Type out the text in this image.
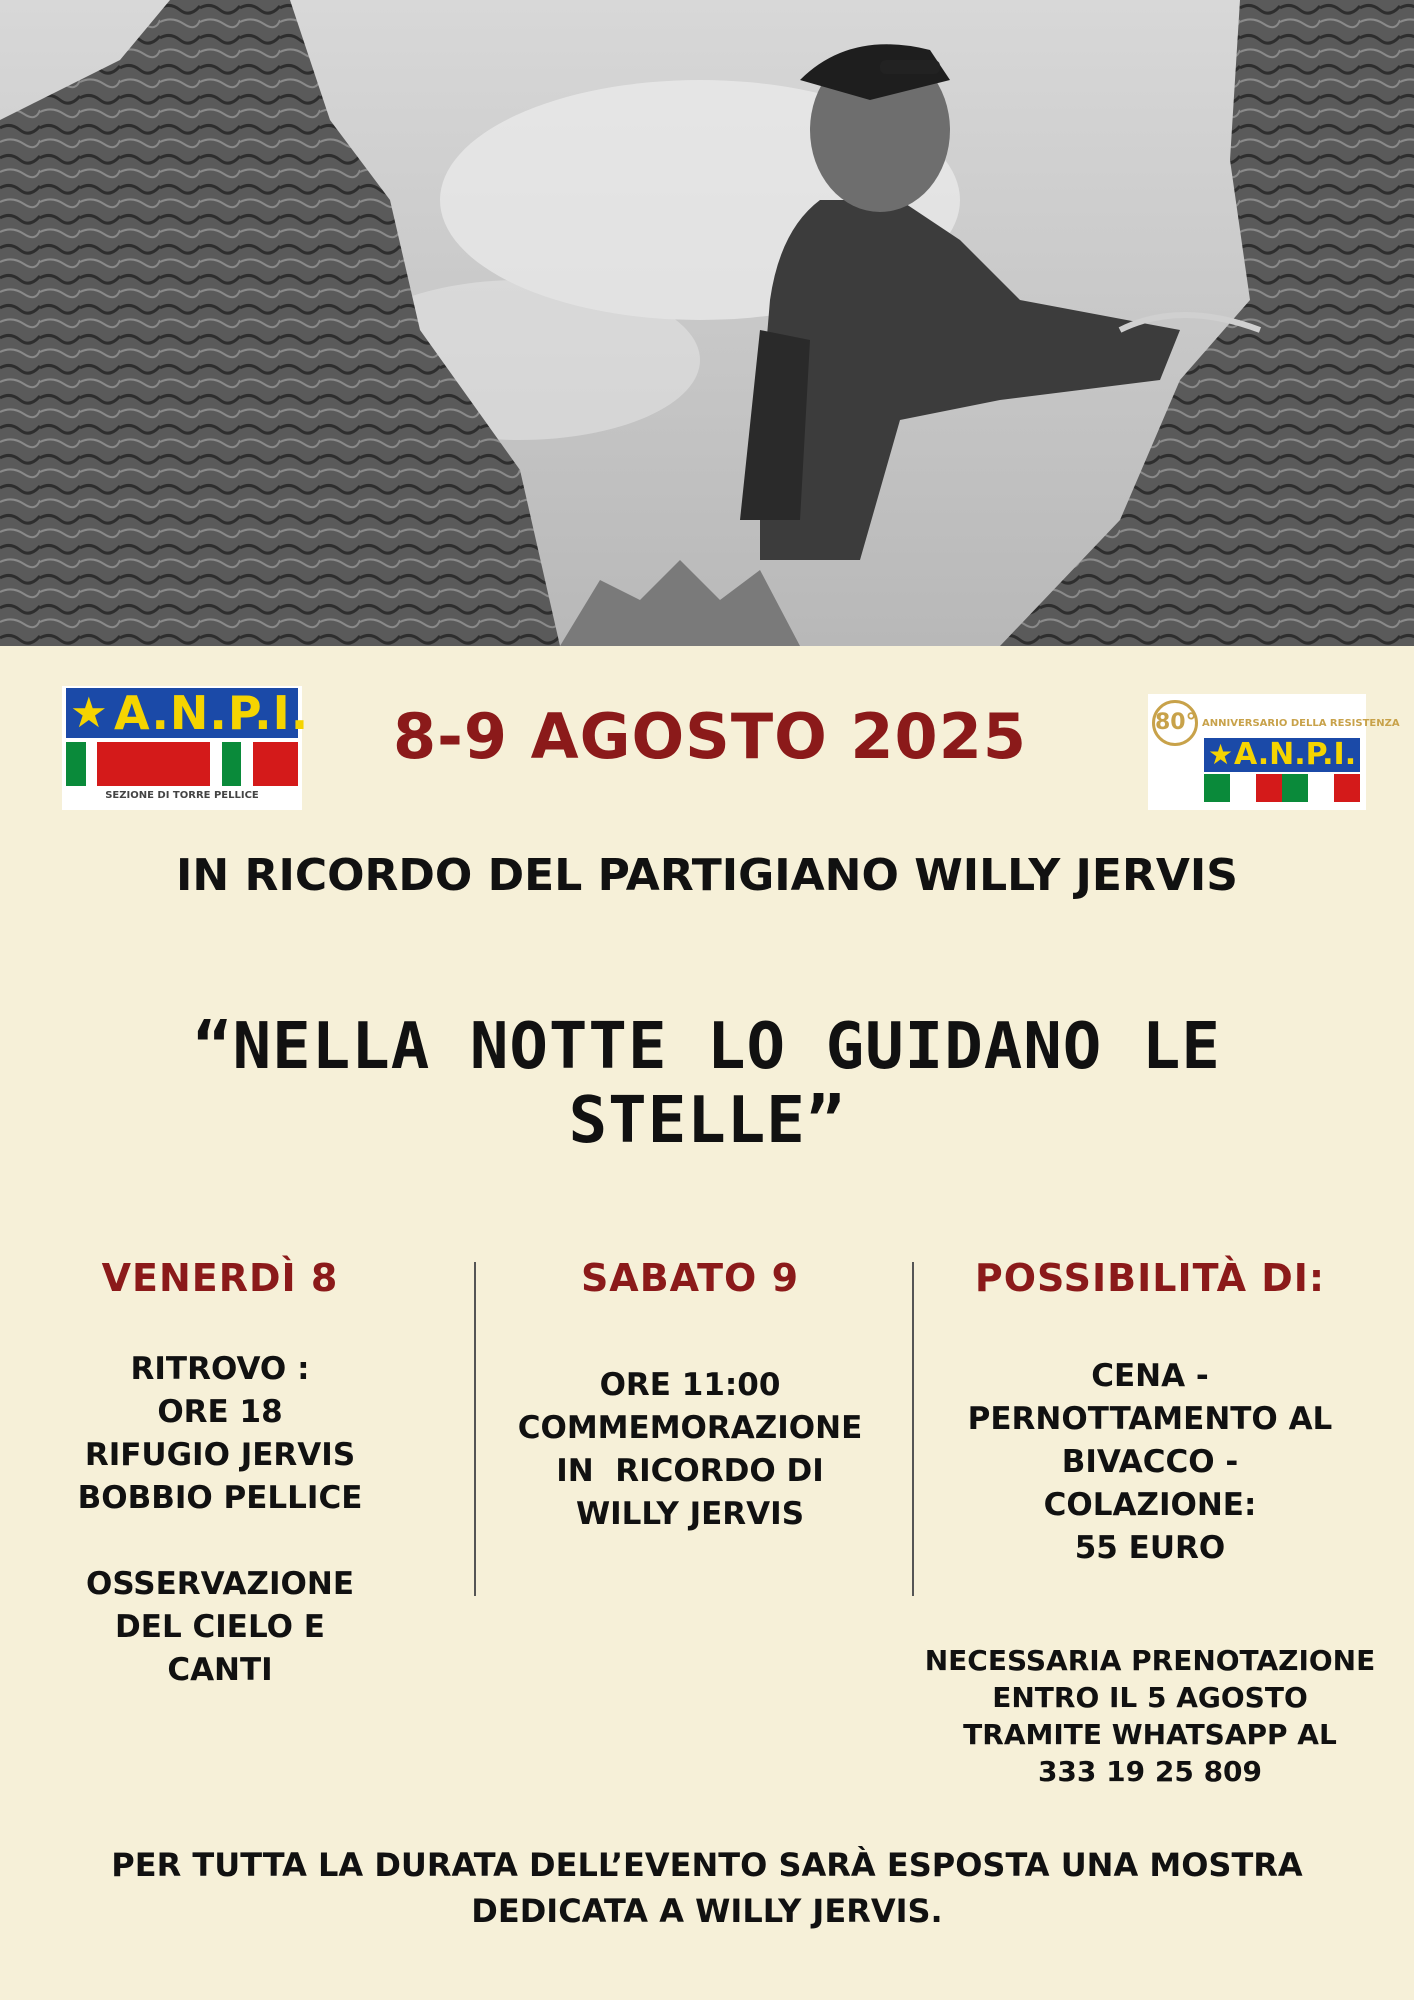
★ A.N.P.I.
SEZIONE DI TORRE PELLICE
8-9 AGOSTO 2025	80° ANNIVERSARIO DELLA RESISTENZA
★ A.N.P.I.
IN RICORDO DEL PARTIGIANO WILLY JERVIS
“NELLA NOTTE LO GUIDANO LE STELLE”
VENERDÌ 8
RITROVO :
ORE 18
RIFUGIO JERVIS
BOBBIO PELLICE
OSSERVAZIONE
DEL CIELO E
CANTI
SABATO 9
ORE 11:00
COMMEMORAZIONE
IN  RICORDO DI
WILLY JERVIS
POSSIBILITÀ DI:
CENA -
PERNOTTAMENTO AL
BIVACCO -
COLAZIONE:
55 EURO
NECESSARIA PRENOTAZIONE
ENTRO IL 5 AGOSTO
TRAMITE WHATSAPP AL
333 19 25 809
PER TUTTA LA DURATA DELL’EVENTO SARÀ ESPOSTA UNA MOSTRA
DEDICATA A WILLY JERVIS.
